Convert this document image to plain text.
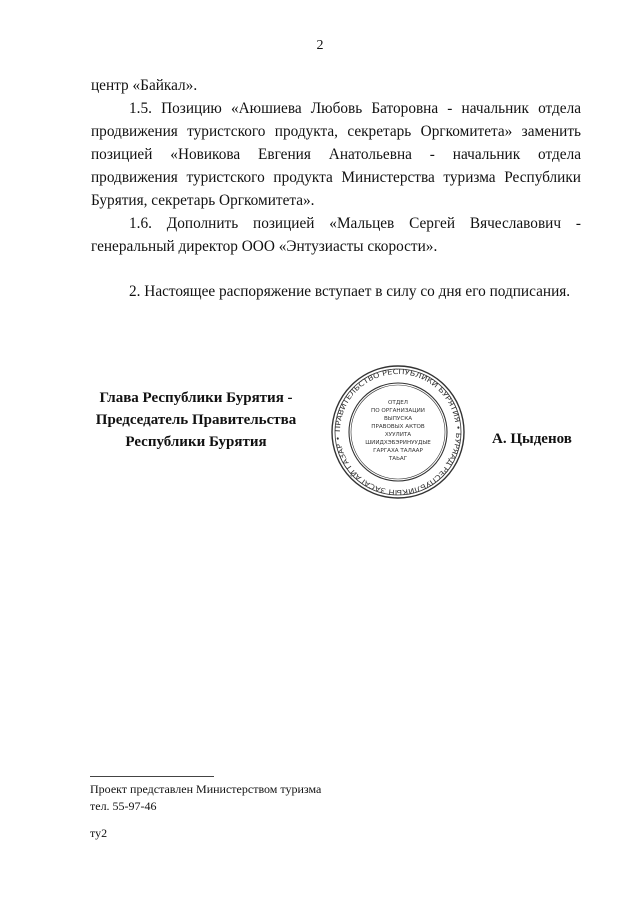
2

центр «Байкал».

1.5. Позицию «Аюшиева Любовь Баторовна - начальник отдела продвижения туристского продукта, секретарь Оргкомитета» заменить позицией «Новикова Евгения Анатольевна - начальник отдела продвижения туристского продукта Министерства туризма Республики Бурятия, секретарь Оргкомитета».

1.6. Дополнить позицией «Мальцев Сергей Вячеславович - генеральный директор ООО «Энтузиасты скорости».

2. Настоящее распоряжение вступает в силу со дня его подписания.

Глава Республики Бурятия -
Председатель Правительства
Республики Бурятия
ПРАВИТЕЛЬСТВО РЕСПУБЛИКИ БУРЯТИЯ • БУРЯАД РЕСПУБЛИКЫН ЗАСАГАЙ ГАЗАР •
ОТДЕЛ
ПО ОРГАНИЗАЦИИ
ВЫПУСКА
ПРАВОВЫХ АКТОВ
ХУУЛИТА
ШИИДХЭБЭРИНУУДЫЕ
ГАРГАХА ТАЛААР
ТАЬАГ
А. Цыденов
Проект представлен Министерством туризма
тел. 55-97-46
ту2
